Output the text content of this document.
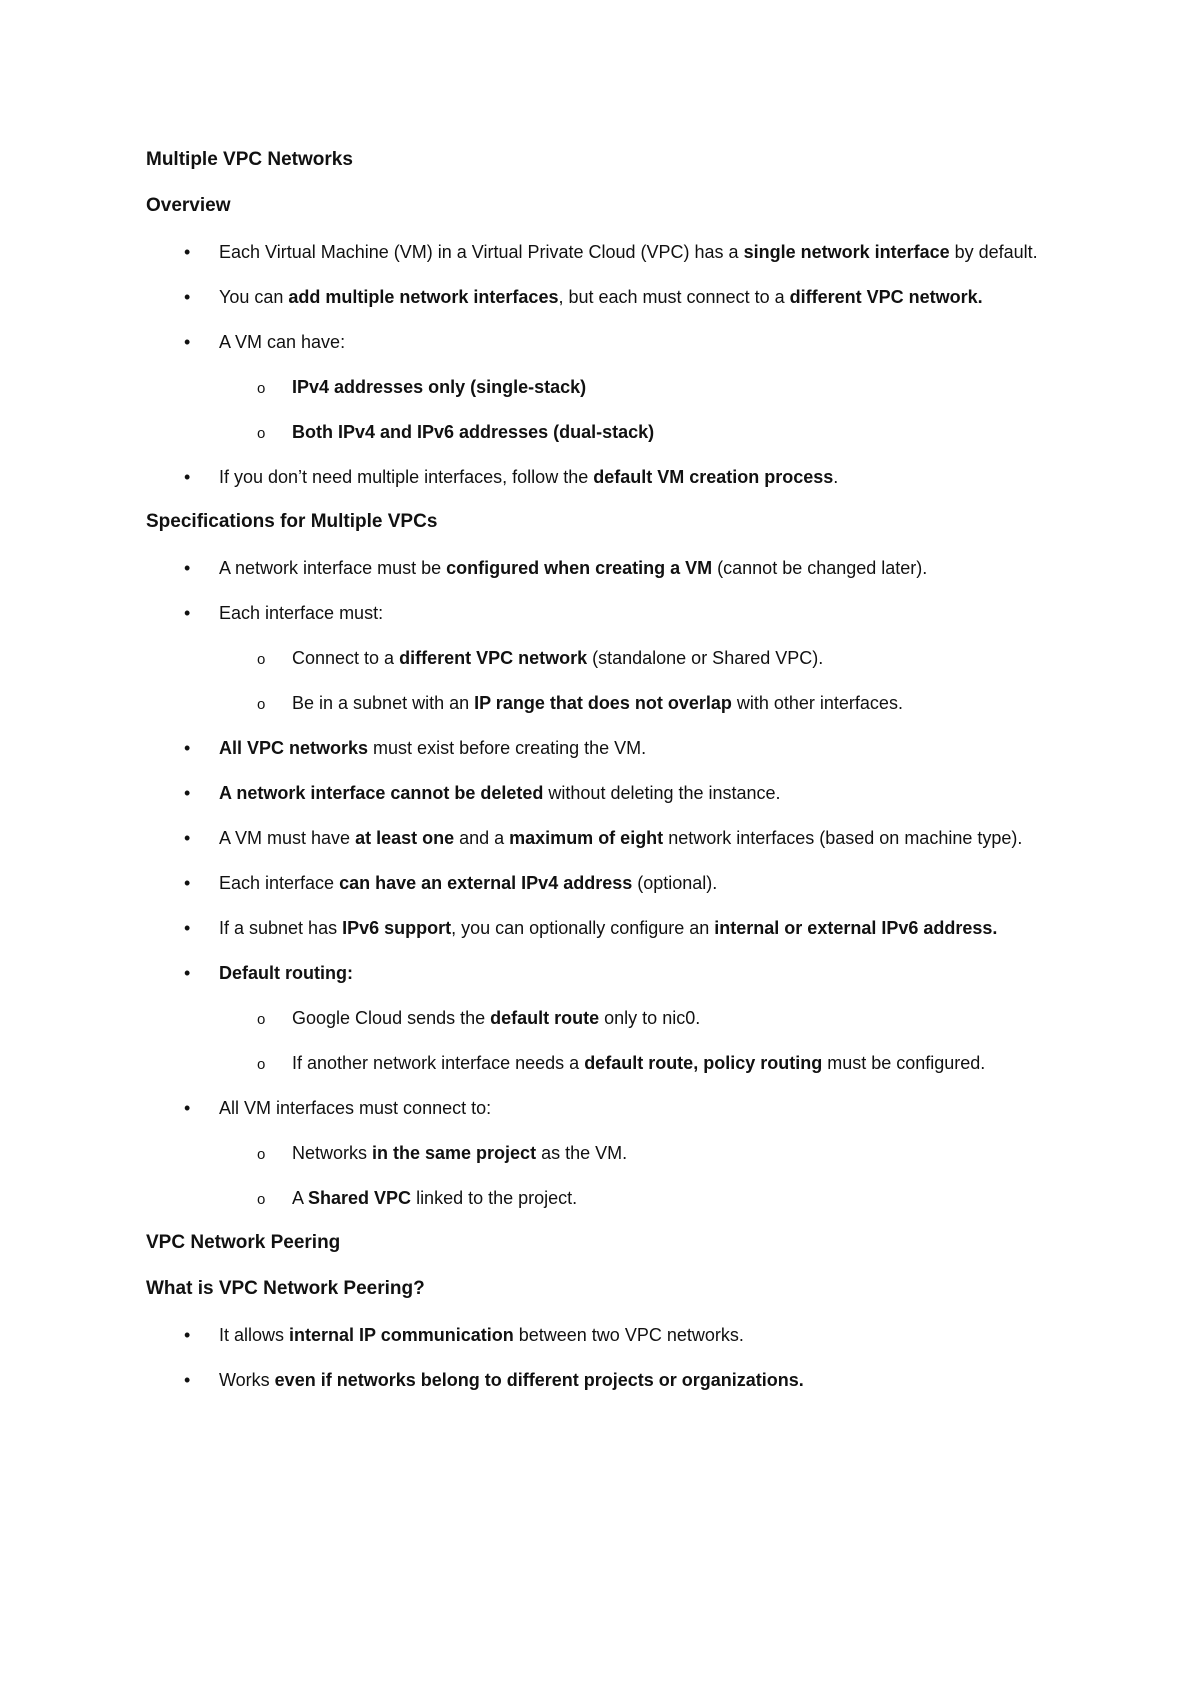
Multiple VPC Networks
Overview
• Each Virtual Machine (VM) in a Virtual Private Cloud (VPC) has a single network interface by default.
• You can add multiple network interfaces, but each must connect to a different VPC network.
• A VM can have:
o IPv4 addresses only (single-stack)
o Both IPv4 and IPv6 addresses (dual-stack)
• If you don’t need multiple interfaces, follow the default VM creation process.
Specifications for Multiple VPCs
• A network interface must be configured when creating a VM (cannot be changed later).
• Each interface must:
o Connect to a different VPC network (standalone or Shared VPC).
o Be in a subnet with an IP range that does not overlap with other interfaces.
• All VPC networks must exist before creating the VM.
• A network interface cannot be deleted without deleting the instance.
• A VM must have at least one and a maximum of eight network interfaces (based on machine type).
• Each interface can have an external IPv4 address (optional).
• If a subnet has IPv6 support, you can optionally configure an internal or external IPv6 address.
• Default routing:
o Google Cloud sends the default route only to nic0.
o If another network interface needs a default route, policy routing must be configured.
• All VM interfaces must connect to:
o Networks in the same project as the VM.
o A Shared VPC linked to the project.
VPC Network Peering
What is VPC Network Peering?
• It allows internal IP communication between two VPC networks.
• Works even if networks belong to different projects or organizations.
